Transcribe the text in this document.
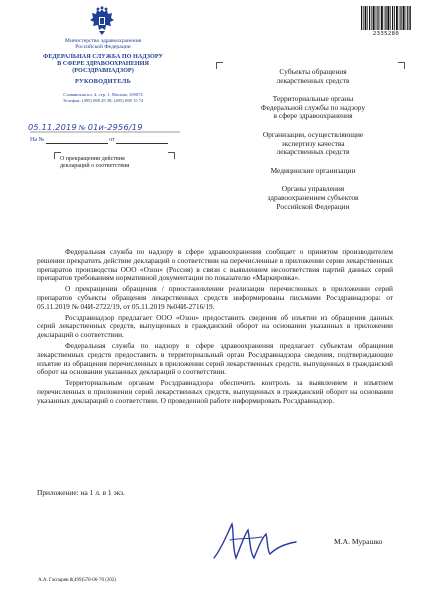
Министерство здравоохранения
Российской Федерации
ФЕДЕРАЛЬНАЯ СЛУЖБА ПО НАДЗОРУ
В СФЕРЕ ЗДРАВООХРАНЕНИЯ
(РОСЗДРАВНАДЗОР)
РУКОВОДИТЕЛЬ
Славянская пл. 4, стр. 1, Москва, 109074
Телефон: (495) 698 45 38; (495) 698 15 74
05.11.2019 № 01и-2956/19
На №	от
О прекращении действия
деклараций о соответствии
2335280
Субъекты обращения
лекарственных средств
Территориальные органы
Федеральной службы по надзору
в сфере здравоохранения
Организации, осуществляющие
экспертизу качества
лекарственных средств
Медицинские организации
Органы управления
здравоохранением субъектов
Российской Федерации

Федеральная служба по надзору в сфере здравоохранения сообщает о принятом производителем решении прекратить действие деклараций о соответствии на перечисленные в приложении серии лекарственных препаратов производства ООО «Озон» (Россия) в связи с выявлением несоответствия партий данных серий препаратов требованиям нормативной документации по показателю «Маркировка».

О прекращении обращения / приостановлении реализации перечисленных в приложении серий препаратов субъекты обращения лекарственных средств информированы письмами Росздравнадзора: от 05.11.2019 № 04И-2722/19, от 05.11.2019 №04И-2716/19.

Росздравнадзор предлагает ООО «Озон» предоставить сведения об изъятии из обращения данных серий лекарственных средств, выпущенных в гражданский оборот на основании указанных в приложении деклараций о соответствии.

Федеральная служба по надзору в сфере здравоохранения предлагает субъектам обращения лекарственных средств предоставить в территориальный орган Росздравнадзора сведения, подтверждающие изъятие из обращения перечисленных в приложении серий лекарственных средств, выпущенных в гражданский оборот на основании указанных деклараций о соответствии.

Территориальным органам Росздравнадзора обеспечить контроль за выявлением и изъятием перечисленных в приложении серий лекарственных средств, выпущенных в гражданский оборот на основании указанных деклараций о соответствии. О проведенной работе информировать Росздравнадзор.

Приложение: на 1 л. в 1 экз.
М.А. Мурашко
А.А. Гаспарян 8(499)578-06-70 (302)
